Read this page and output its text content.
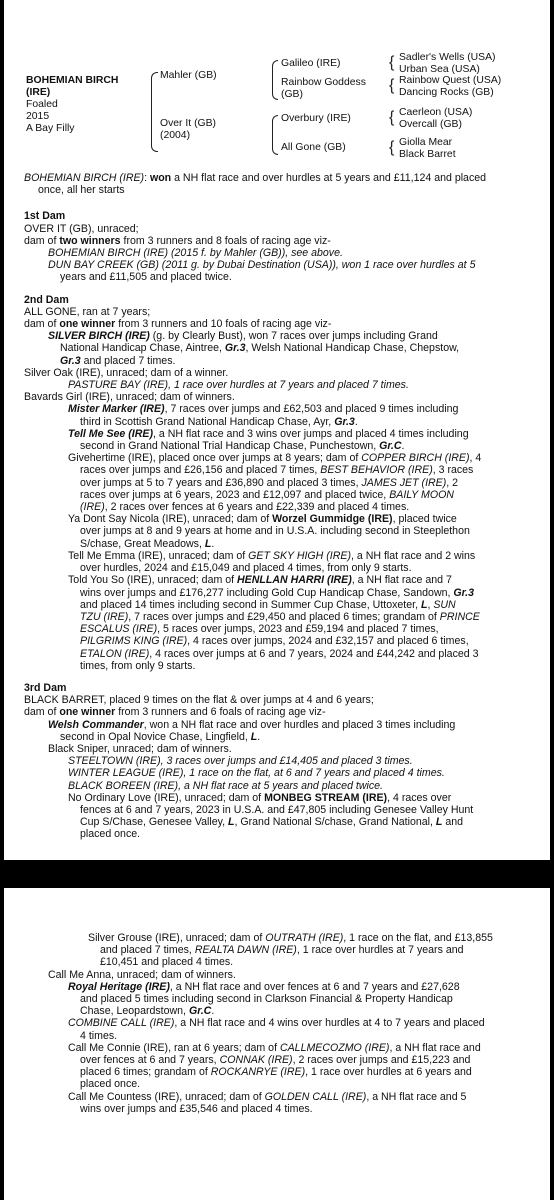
BOHEMIAN BIRCH
(IRE)
Foaled
2015
A Bay Filly
Mahler (GB)
Over It (GB)
(2004)
Galileo (IRE)
Rainbow Goddess
(GB)
Overbury (IRE)
All Gone (GB)
{ Sadler's Wells (USA)
Urban Sea (USA)
{ Rainbow Quest (USA)
Dancing Rocks (GB)
{ Caerleon (USA)
Overcall (GB)
{ Giolla Mear
Black Barret

BOHEMIAN BIRCH (IRE): won a NH flat race and over hurdles at 5 years and £11,124 and placed
once, all her starts

1st Dam

OVER IT (GB), unraced;

dam of two winners from 3 runners and 8 foals of racing age viz-

BOHEMIAN BIRCH (IRE) (2015 f. by Mahler (GB)), see above.

DUN BAY CREEK (GB) (2011 g. by Dubai Destination (USA)), won 1 race over hurdles at 5
years and £11,505 and placed twice.

2nd Dam

ALL GONE, ran at 7 years;

dam of one winner from 3 runners and 10 foals of racing age viz-

SILVER BIRCH (IRE) (g. by Clearly Bust), won 7 races over jumps including Grand
National Handicap Chase, Aintree, Gr.3, Welsh National Handicap Chase, Chepstow,
Gr.3 and placed 7 times.

Silver Oak (IRE), unraced; dam of a winner.

PASTURE BAY (IRE), 1 race over hurdles at 7 years and placed 7 times.

Bavards Girl (IRE), unraced; dam of winners.

Mister Marker (IRE), 7 races over jumps and £62,503 and placed 9 times including
third in Scottish Grand National Handicap Chase, Ayr, Gr.3.

Tell Me See (IRE), a NH flat race and 3 wins over jumps and placed 4 times including
second in Grand National Trial Handicap Chase, Punchestown, Gr.C.

Givehertime (IRE), placed once over jumps at 8 years; dam of COPPER BIRCH (IRE), 4
races over jumps and £26,156 and placed 7 times, BEST BEHAVIOR (IRE), 3 races
over jumps at 5 to 7 years and £36,890 and placed 3 times, JAMES JET (IRE), 2
races over jumps at 6 years, 2023 and £12,097 and placed twice, BAILY MOON
(IRE), 2 races over fences at 6 years and £22,339 and placed 4 times.

Ya Dont Say Nicola (IRE), unraced; dam of Worzel Gummidge (IRE), placed twice
over jumps at 8 and 9 years at home and in U.S.A. including second in Steeplethon
S/chase, Great Meadows, L.

Tell Me Emma (IRE), unraced; dam of GET SKY HIGH (IRE), a NH flat race and 2 wins
over hurdles, 2024 and £15,049 and placed 4 times, from only 9 starts.

Told You So (IRE), unraced; dam of HENLLAN HARRI (IRE), a NH flat race and 7
wins over jumps and £176,277 including Gold Cup Handicap Chase, Sandown, Gr.3
and placed 14 times including second in Summer Cup Chase, Uttoxeter, L, SUN
TZU (IRE), 7 races over jumps and £29,450 and placed 6 times; grandam of PRINCE
ESCALUS (IRE), 5 races over jumps, 2023 and £59,194 and placed 7 times,
PILGRIMS KING (IRE), 4 races over jumps, 2024 and £32,157 and placed 6 times,
ETALON (IRE), 4 races over jumps at 6 and 7 years, 2024 and £44,242 and placed 3
times, from only 9 starts.

3rd Dam

BLACK BARRET, placed 9 times on the flat & over jumps at 4 and 6 years;

dam of one winner from 3 runners and 6 foals of racing age viz-

Welsh Commander, won a NH flat race and over hurdles and placed 3 times including
second in Opal Novice Chase, Lingfield, L.

Black Sniper, unraced; dam of winners.

STEELTOWN (IRE), 3 races over jumps and £14,405 and placed 3 times.

WINTER LEAGUE (IRE), 1 race on the flat, at 6 and 7 years and placed 4 times.

BLACK BOREEN (IRE), a NH flat race at 5 years and placed twice.

No Ordinary Love (IRE), unraced; dam of MONBEG STREAM (IRE), 4 races over
fences at 6 and 7 years, 2023 in U.S.A. and £47,805 including Genesee Valley Hunt
Cup S/Chase, Genesee Valley, L, Grand National S/chase, Grand National, L and
placed once.

Silver Grouse (IRE), unraced; dam of OUTRATH (IRE), 1 race on the flat, and £13,855
and placed 7 times, REALTA DAWN (IRE), 1 race over hurdles at 7 years and
£10,451 and placed 4 times.

Call Me Anna, unraced; dam of winners.

Royal Heritage (IRE), a NH flat race and over fences at 6 and 7 years and £27,628
and placed 5 times including second in Clarkson Financial & Property Handicap
Chase, Leopardstown, Gr.C.

COMBINE CALL (IRE), a NH flat race and 4 wins over hurdles at 4 to 7 years and placed
4 times.

Call Me Connie (IRE), ran at 6 years; dam of CALLMECOZMO (IRE), a NH flat race and
over fences at 6 and 7 years, CONNAK (IRE), 2 races over jumps and £15,223 and
placed 6 times; grandam of ROCKANRYE (IRE), 1 race over hurdles at 6 years and
placed once.

Call Me Countess (IRE), unraced; dam of GOLDEN CALL (IRE), a NH flat race and 5
wins over jumps and £35,546 and placed 4 times.
